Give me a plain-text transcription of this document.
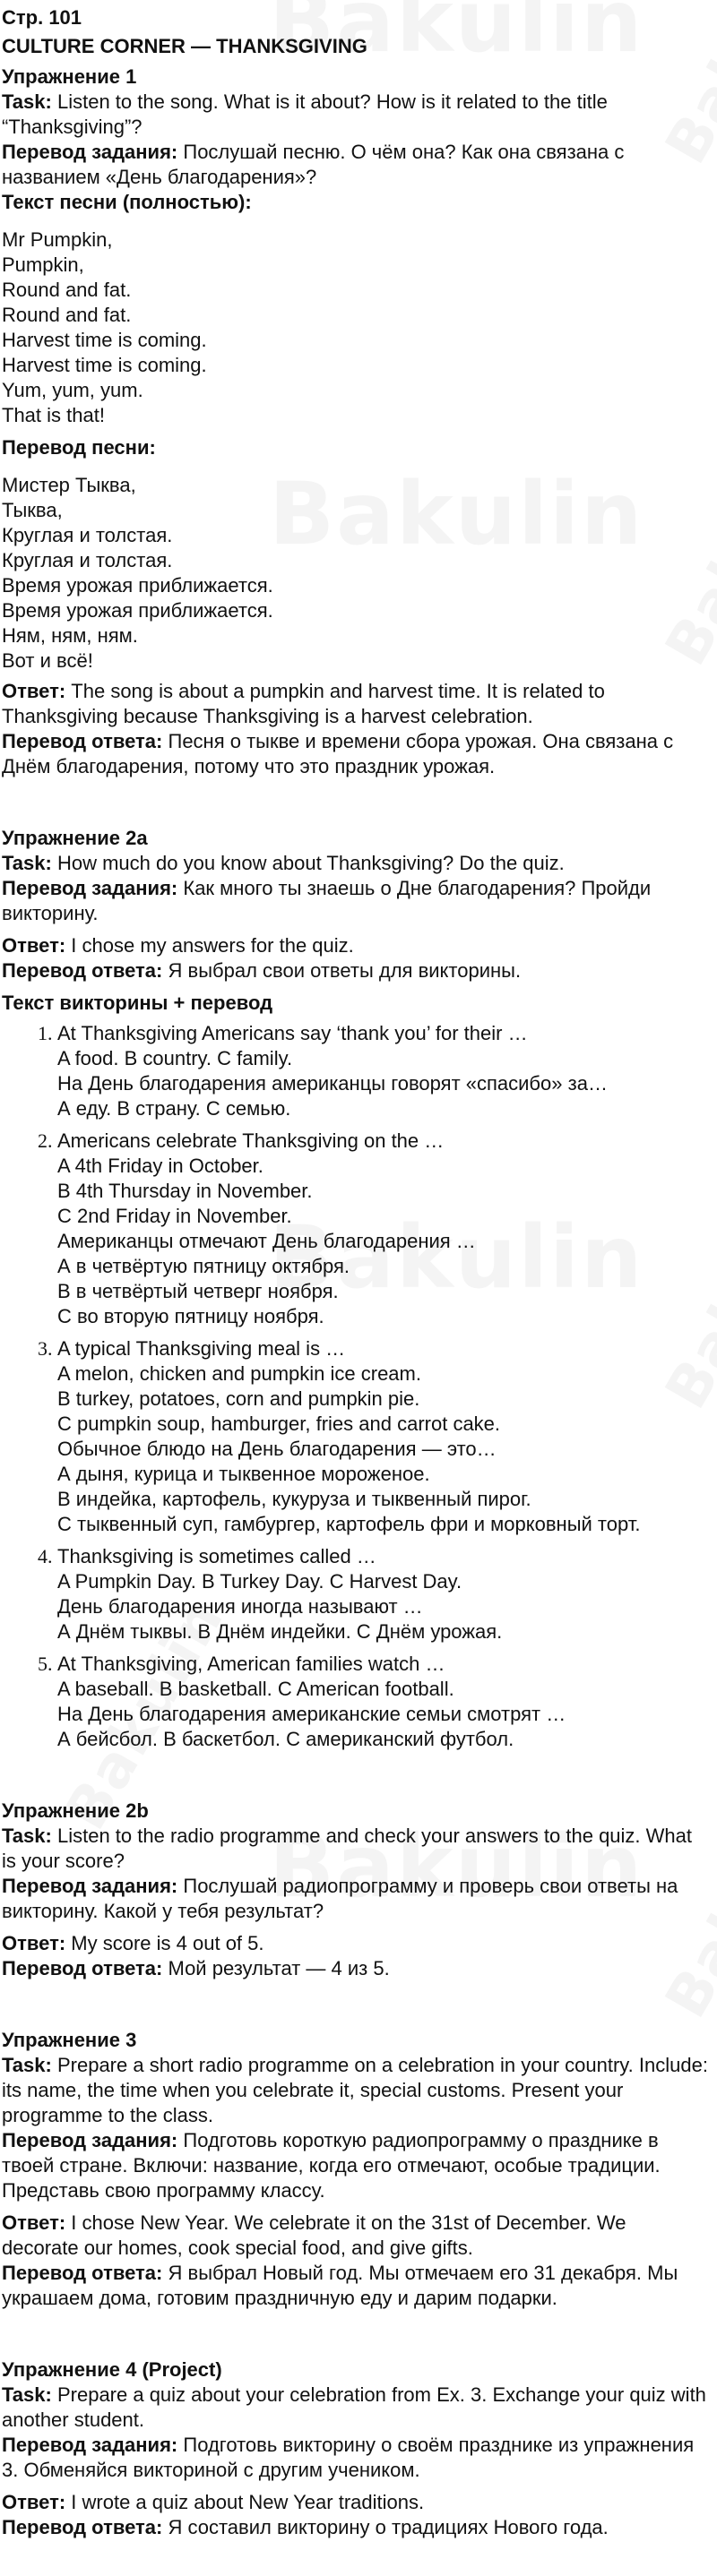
Стр. 101
CULTURE CORNER — THANKSGIVING
Упражнение 1

Task: Listen to the song. What is it about? How is it related to the title “Thanksgiving”?

Перевод задания: Послушай песню. О чём она? Как она связана с названием «День благодарения»?

Текст песни (полностью):
Mr Pumpkin,
Pumpkin,
Round and fat.
Round and fat.
Harvest time is coming.
Harvest time is coming.
Yum, yum, yum.
That is that!
Перевод песни:
Мистер Тыква,
Тыква,
Круглая и толстая.
Круглая и толстая.
Время урожая приближается.
Время урожая приближается.
Ням, ням, ням.
Вот и всё!

Ответ: The song is about a pumpkin and harvest time. It is related to Thanksgiving because Thanksgiving is a harvest celebration.

Перевод ответа: Песня о тыкве и времени сбора урожая. Она связана с Днём благодарения, потому что это праздник урожая.

Упражнение 2a

Task: How much do you know about Thanksgiving? Do the quiz.

Перевод задания: Как много ты знаешь о Дне благодарения? Пройди викторину.

Ответ: I chose my answers for the quiz.

Перевод ответа: Я выбрал свои ответы для викторины.

Текст викторины + перевод
1. At Thanksgiving Americans say ‘thank you’ for their …
A food. B country. C family.
На День благодарения американцы говорят «спасибо» за…
А еду. В страну. С семью.
2. Americans celebrate Thanksgiving on the …
A 4th Friday in October.
B 4th Thursday in November.
C 2nd Friday in November.
Американцы отмечают День благодарения …
А в четвёртую пятницу октября.
В в четвёртый четверг ноября.
С во вторую пятницу ноября.
3. A typical Thanksgiving meal is …
A melon, chicken and pumpkin ice cream.
B turkey, potatoes, corn and pumpkin pie.
C pumpkin soup, hamburger, fries and carrot cake.
Обычное блюдо на День благодарения — это…
А дыня, курица и тыквенное мороженое.
В индейка, картофель, кукуруза и тыквенный пирог.
С тыквенный суп, гамбургер, картофель фри и морковный торт.
4. Thanksgiving is sometimes called …
A Pumpkin Day. B Turkey Day. C Harvest Day.
День благодарения иногда называют …
А Днём тыквы. В Днём индейки. С Днём урожая.
5. At Thanksgiving, American families watch …
A baseball. B basketball. C American football.
На День благодарения американские семьи смотрят …
А бейсбол. В баскетбол. С американский футбол.
Упражнение 2b

Task: Listen to the radio programme and check your answers to the quiz. What is your score?

Перевод задания: Послушай радиопрограмму и проверь свои ответы на викторину. Какой у тебя результат?

Ответ: My score is 4 out of 5.

Перевод ответа: Мой результат — 4 из 5.

Упражнение 3

Task: Prepare a short radio programme on a celebration in your country. Include: its name, the time when you celebrate it, special customs. Present your programme to the class.

Перевод задания: Подготовь короткую радиопрограмму о празднике в твоей стране. Включи: название, когда его отмечают, особые традиции. Представь свою программу классу.

Ответ: I chose New Year. We celebrate it on the 31st of December. We decorate our homes, cook special food, and give gifts.

Перевод ответа: Я выбрал Новый год. Мы отмечаем его 31 декабря. Мы украшаем дома, готовим праздничную еду и дарим подарки.

Упражнение 4 (Project)

Task: Prepare a quiz about your celebration from Ex. 3. Exchange your quiz with another student.

Перевод задания: Подготовь викторину о своём празднике из упражнения 3. Обменяйся викториной с другим учеником.

Ответ: I wrote a quiz about New Year traditions.

Перевод ответа: Я составил викторину о традициях Нового года.
